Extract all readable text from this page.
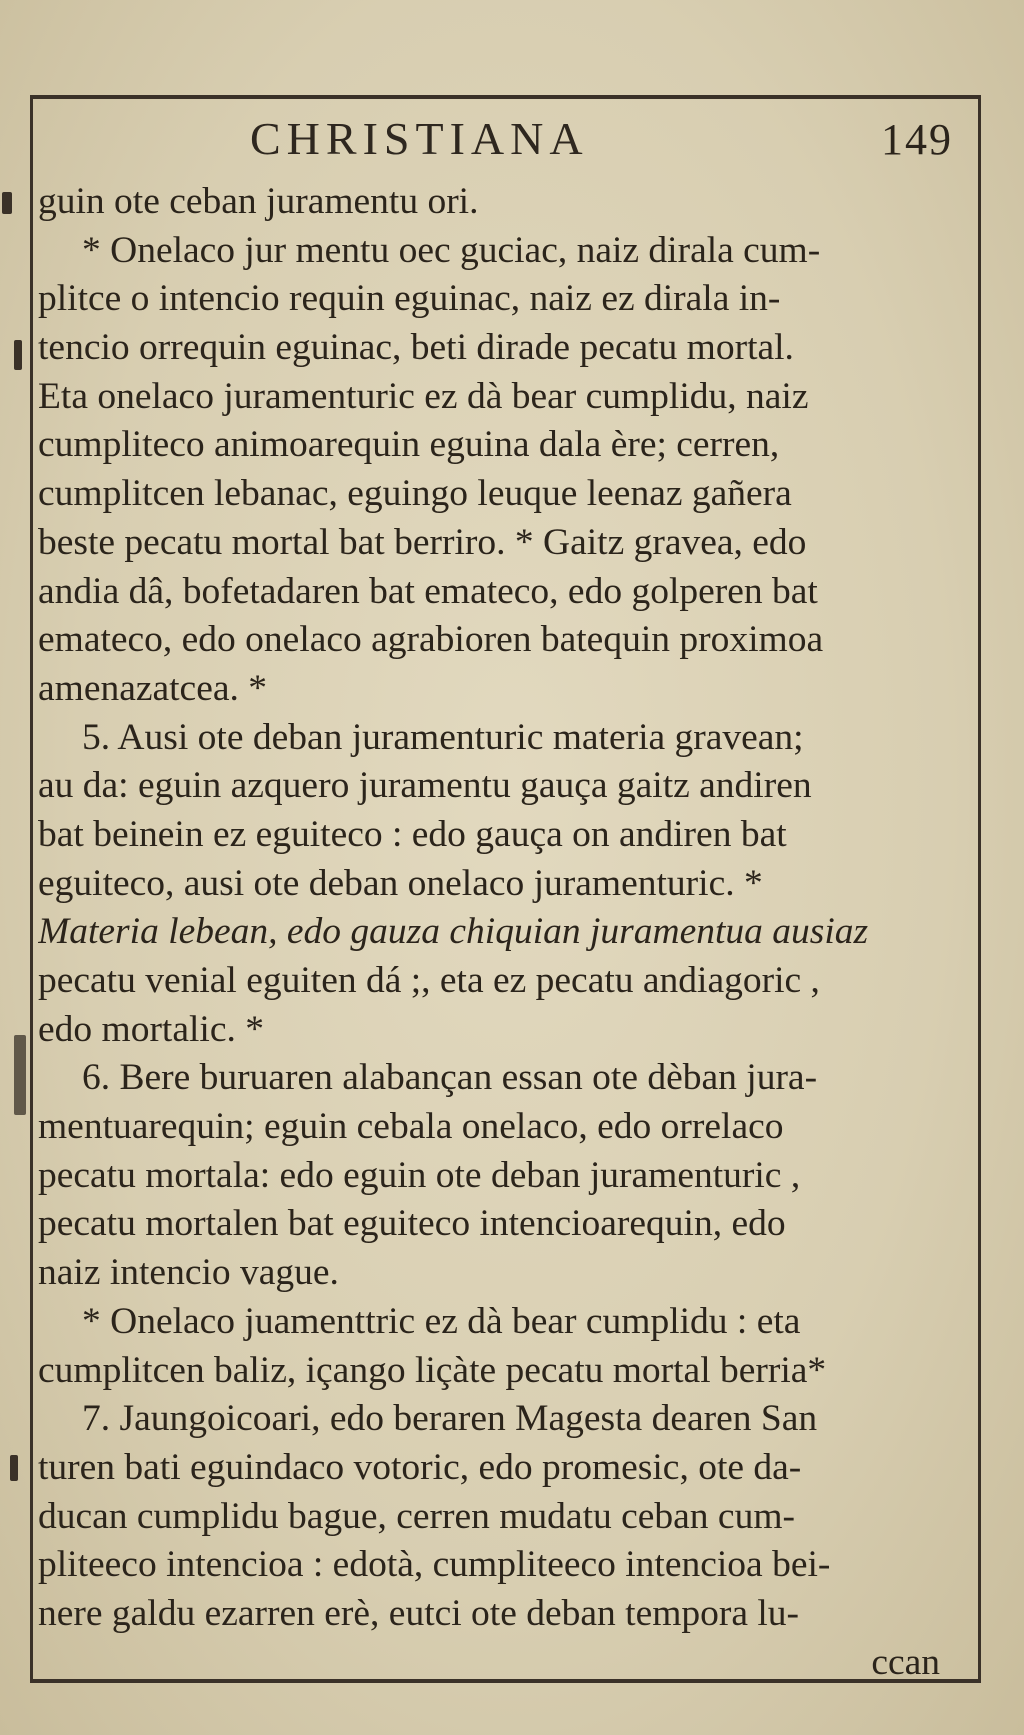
CHRISTIANA	149
guin ote ceban juramentu ori.
* Onelaco jur mentu oec guciac, naiz dirala cum-
plitce o intencio requin eguinac, naiz ez dirala in-
tencio orrequin eguinac, beti dirade pecatu mortal.
Eta onelaco juramenturic ez dà bear cumplidu, naiz
cumpliteco animoarequin eguina dala ère; cerren,
cumplitcen lebanac, eguingo leuque leenaz gañera
beste pecatu mortal bat berriro. * Gaitz gravea, edo
andia dâ, bofetadaren bat emateco, edo golperen bat
emateco, edo onelaco agrabioren batequin proximoa
amenazatcea. *
5. Ausi ote deban juramenturic materia gravean;
au da: eguin azquero juramentu gauça gaitz andiren
bat beinein ez eguiteco : edo gauça on andiren bat
eguiteco, ausi ote deban onelaco juramenturic. *
Materia lebean, edo gauza chiquian juramentua ausiaz
pecatu venial eguiten dá ;, eta ez pecatu andiagoric ,
edo mortalic. *
6. Bere buruaren alabançan essan ote dèban jura-
mentuarequin; eguin cebala onelaco, edo orrelaco
pecatu mortala: edo eguin ote deban juramenturic ,
pecatu mortalen bat eguiteco intencioarequin, edo
naiz intencio vague.
* Onelaco juamenttric ez dà bear cumplidu : eta
cumplitcen baliz, içango liçàte pecatu mortal berria*
7. Jaungoicoari, edo beraren Magesta dearen San
turen bati eguindaco votoric, edo promesic, ote da-
ducan cumplidu bague, cerren mudatu ceban cum-
pliteeco intencioa : edotà, cumpliteeco intencioa bei-
nere galdu ezarren erè, eutci ote deban tempora lu-
ccan
